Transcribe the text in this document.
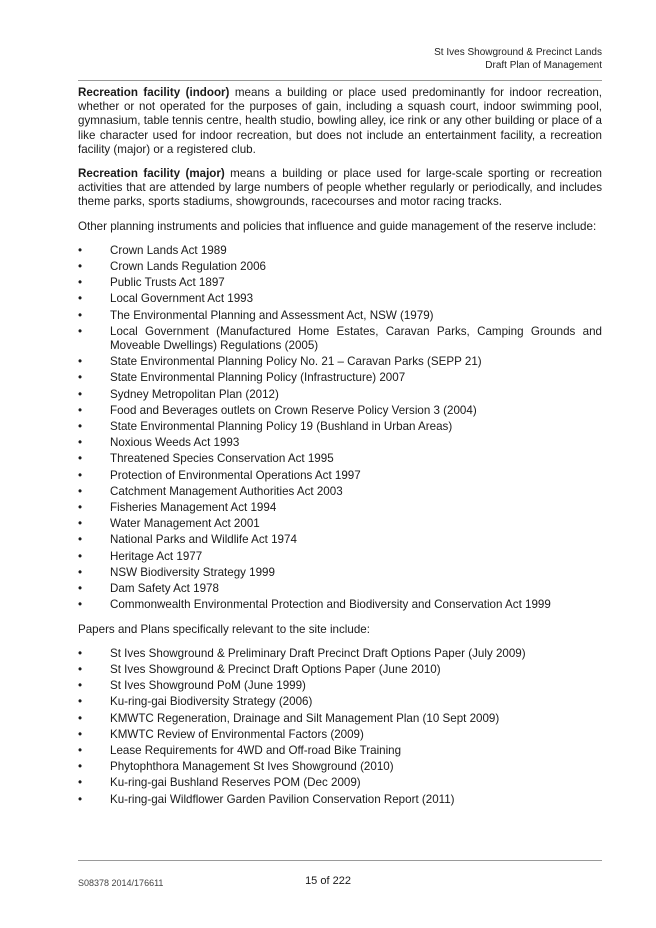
St Ives Showground & Precinct Lands
Draft Plan of Management

Recreation facility (indoor) means a building or place used predominantly for indoor recreation, whether or not operated for the purposes of gain, including a squash court, indoor swimming pool, gymnasium, table tennis centre, health studio, bowling alley, ice rink or any other building or place of a like character used for indoor recreation, but does not include an entertainment facility, a recreation facility (major) or a registered club.

Recreation facility (major) means a building or place used for large-scale sporting or recreation activities that are attended by large numbers of people whether regularly or periodically, and includes theme parks, sports stadiums, showgrounds, racecourses and motor racing tracks.

Other planning instruments and policies that influence and guide management of the reserve include:

• Crown Lands Act 1989
• Crown Lands Regulation 2006
• Public Trusts Act 1897
• Local Government Act 1993
• The Environmental Planning and Assessment Act, NSW (1979)
• Local Government (Manufactured Home Estates, Caravan Parks, Camping Grounds and Moveable Dwellings) Regulations (2005)
• State Environmental Planning Policy No. 21 – Caravan Parks (SEPP 21)
• State Environmental Planning Policy (Infrastructure) 2007
• Sydney Metropolitan Plan (2012)
• Food and Beverages outlets on Crown Reserve Policy Version 3 (2004)
• State Environmental Planning Policy 19 (Bushland in Urban Areas)
• Noxious Weeds Act 1993
• Threatened Species Conservation Act 1995
• Protection of Environmental Operations Act 1997
• Catchment Management Authorities Act 2003
• Fisheries Management Act 1994
• Water Management Act 2001
• National Parks and Wildlife Act 1974
• Heritage Act 1977
• NSW Biodiversity Strategy 1999
• Dam Safety Act 1978
• Commonwealth Environmental Protection and Biodiversity and Conservation Act 1999

Papers and Plans specifically relevant to the site include:

• St Ives Showground & Preliminary Draft Precinct Draft Options Paper (July 2009)
• St Ives Showground & Precinct Draft Options Paper (June 2010)
• St Ives Showground PoM (June 1999)
• Ku-ring-gai Biodiversity Strategy (2006)
• KMWTC Regeneration, Drainage and Silt Management Plan (10 Sept 2009)
• KMWTC Review of Environmental Factors (2009)
• Lease Requirements for 4WD and Off-road Bike Training
• Phytophthora Management St Ives Showground (2010)
• Ku-ring-gai Bushland Reserves POM (Dec 2009)
• Ku-ring-gai Wildflower Garden Pavilion Conservation Report (2011)
S08378 2014/176611	15 of 222
